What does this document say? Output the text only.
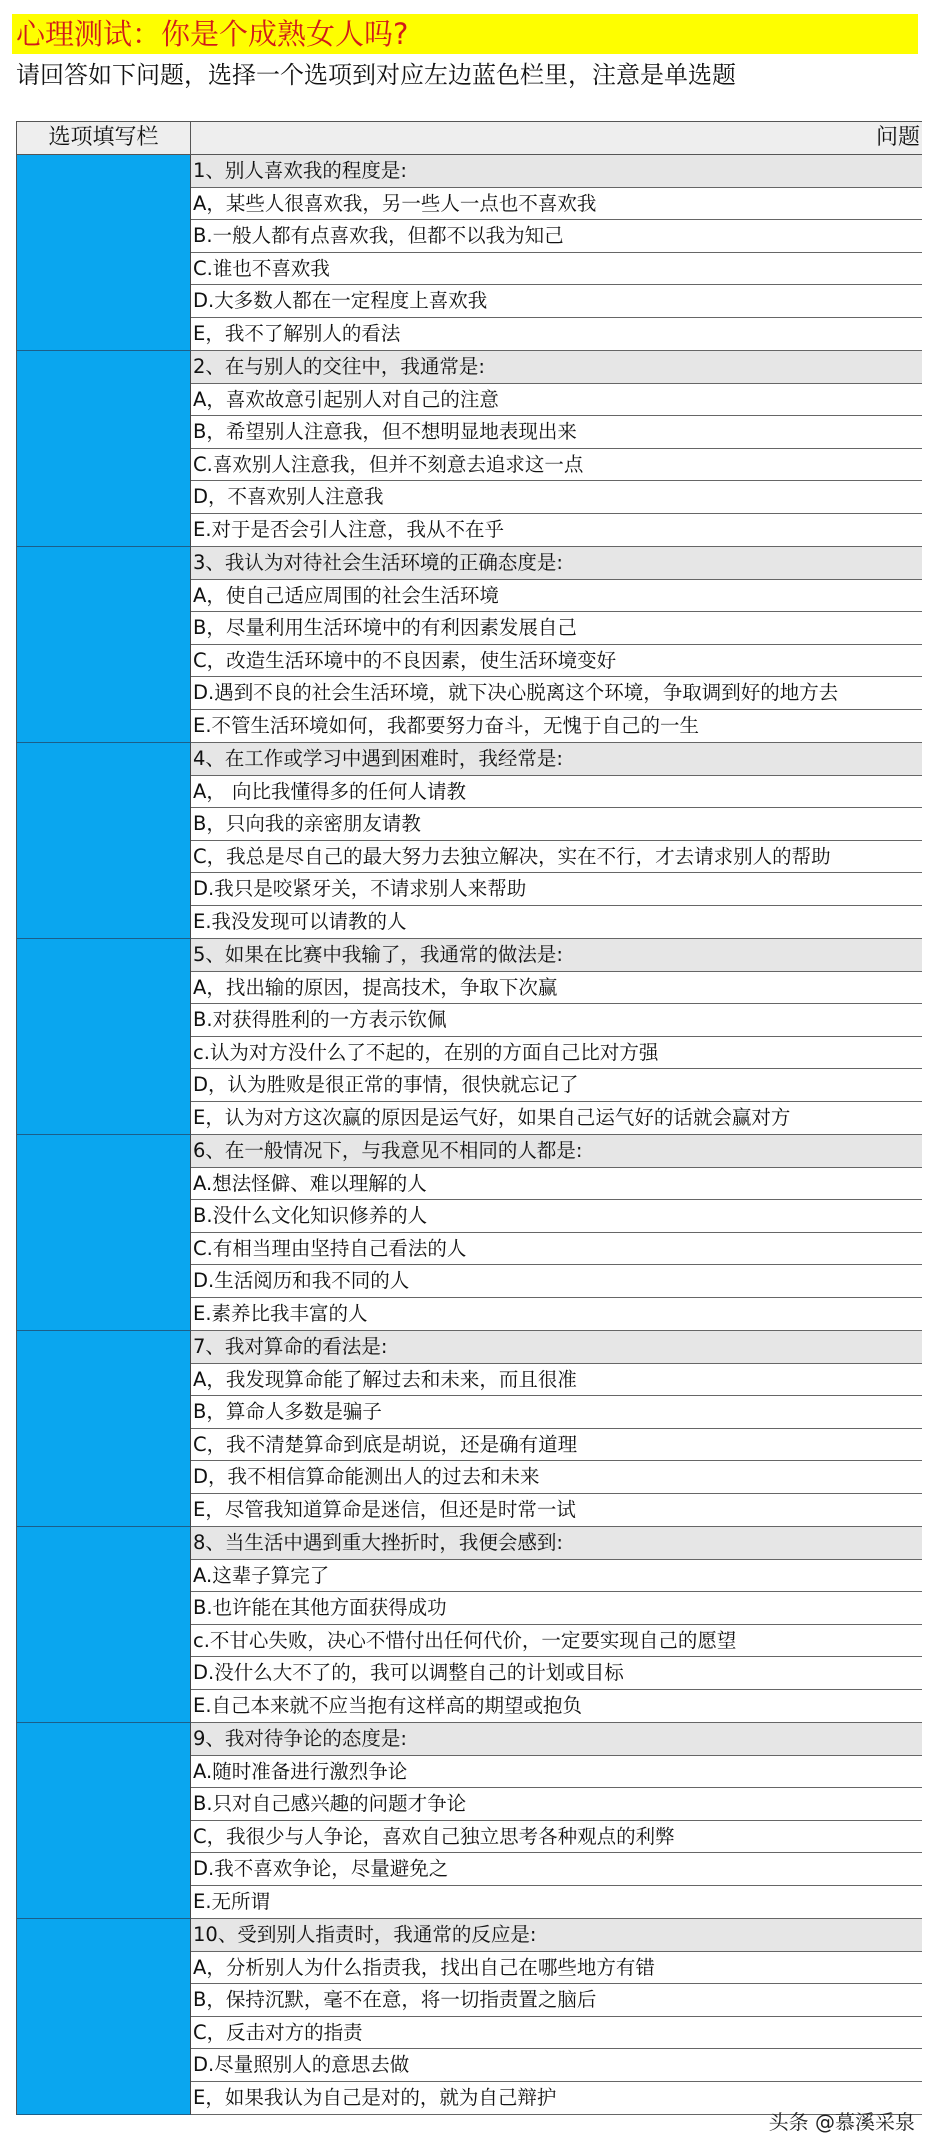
心理测试：你是个成熟女人吗?
请回答如下问题，选择一个选项到对应左边蓝色栏里，注意是单选题
选项填写栏	问题
1、别人喜欢我的程度是:
A，某些人很喜欢我，另一些人一点也不喜欢我
B.一般人都有点喜欢我，但都不以我为知己
C.谁也不喜欢我
D.大多数人都在一定程度上喜欢我
E，我不了解别人的看法
2、在与别人的交往中，我通常是:
A，喜欢故意引起别人对自己的注意
B，希望别人注意我，但不想明显地表现出来
C.喜欢别人注意我，但并不刻意去追求这一点
D，不喜欢别人注意我
E.对于是否会引人注意，我从不在乎
3、我认为对待社会生活环境的正确态度是:
A，使自己适应周围的社会生活环境
B，尽量利用生活环境中的有利因素发展自己
C，改造生活环境中的不良因素，使生活环境变好
D.遇到不良的社会生活环境，就下决心脱离这个环境，争取调到好的地方去
E.不管生活环境如何，我都要努力奋斗，无愧于自己的一生
4、在工作或学习中遇到困难时，我经常是:
A， 向比我懂得多的任何人请教
B，只向我的亲密朋友请教
C，我总是尽自己的最大努力去独立解决，实在不行，才去请求别人的帮助
D.我只是咬紧牙关，不请求别人来帮助
E.我没发现可以请教的人
5、如果在比赛中我输了，我通常的做法是:
A，找出输的原因，提高技术，争取下次赢
B.对获得胜利的一方表示钦佩
c.认为对方没什么了不起的，在别的方面自己比对方强
D，认为胜败是很正常的事情，很快就忘记了
E，认为对方这次赢的原因是运气好，如果自己运气好的话就会赢对方
6、在一般情况下，与我意见不相同的人都是:
A.想法怪僻、难以理解的人
B.没什么文化知识修养的人
C.有相当理由坚持自己看法的人
D.生活阅历和我不同的人
E.素养比我丰富的人
7、我对算命的看法是:
A，我发现算命能了解过去和未来，而且很准
B，算命人多数是骗子
C，我不清楚算命到底是胡说，还是确有道理
D，我不相信算命能测出人的过去和未来
E，尽管我知道算命是迷信，但还是时常一试
8、当生活中遇到重大挫折时，我便会感到:
A.这辈子算完了
B.也许能在其他方面获得成功
c.不甘心失败，决心不惜付出任何代价，一定要实现自己的愿望
D.没什么大不了的，我可以调整自己的计划或目标
E.自己本来就不应当抱有这样高的期望或抱负
9、我对待争论的态度是:
A.随时准备进行激烈争论
B.只对自己感兴趣的问题才争论
C，我很少与人争论，喜欢自己独立思考各种观点的利弊
D.我不喜欢争论，尽量避免之
E.无所谓
10、受到别人指责时，我通常的反应是:
A，分析别人为什么指责我，找出自己在哪些地方有错
B，保持沉默，毫不在意，将一切指责置之脑后
C，反击对方的指责
D.尽量照别人的意思去做
E，如果我认为自己是对的，就为自己辩护
头条 @慕溪采泉
